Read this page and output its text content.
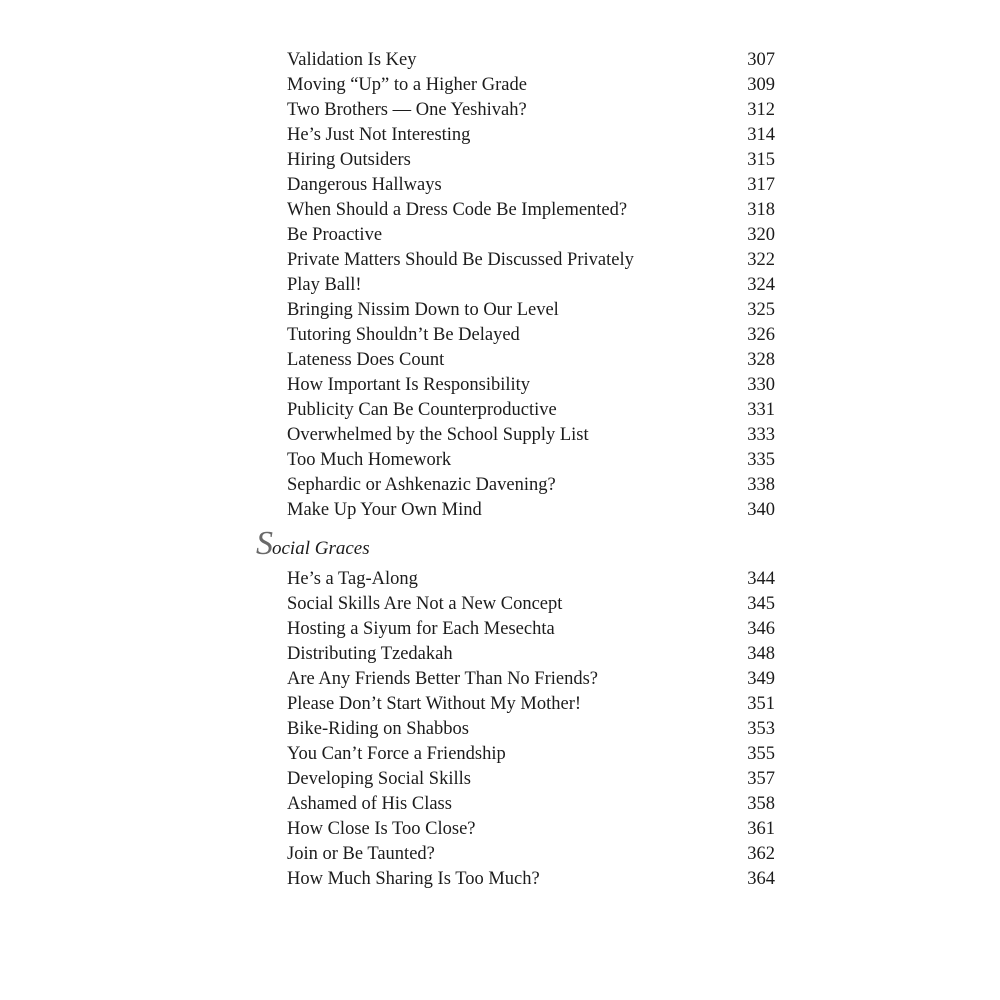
Validation Is Key	307
Moving “Up” to a Higher Grade	309
Two Brothers — One Yeshivah?	312
He’s Just Not Interesting	314
Hiring Outsiders	315
Dangerous Hallways	317
When Should a Dress Code Be Implemented?	318
Be Proactive	320
Private Matters Should Be Discussed Privately	322
Play Ball!	324
Bringing Nissim Down to Our Level	325
Tutoring Shouldn’t Be Delayed	326
Lateness Does Count	328
How Important Is Responsibility	330
Publicity Can Be Counterproductive	331
Overwhelmed by the School Supply List	333
Too Much Homework	335
Sephardic or Ashkenazic Davening?	338
Make Up Your Own Mind	340
Social Graces
He’s a Tag-Along	344
Social Skills Are Not a New Concept	345
Hosting a Siyum for Each Mesechta	346
Distributing Tzedakah	348
Are Any Friends Better Than No Friends?	349
Please Don’t Start Without My Mother!	351
Bike-Riding on Shabbos	353
You Can’t Force a Friendship	355
Developing Social Skills	357
Ashamed of His Class	358
How Close Is Too Close?	361
Join or Be Taunted?	362
How Much Sharing Is Too Much?	364
